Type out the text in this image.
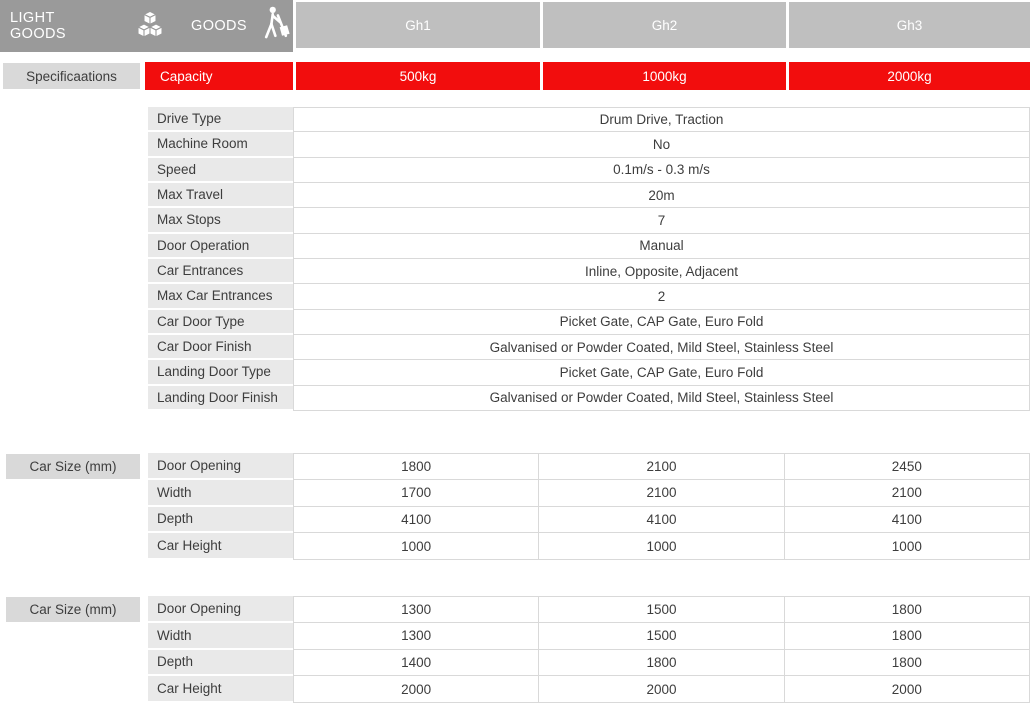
LIGHT GOODS	GOODS	Gh1	Gh2	Gh3
Specificaations	Capacity	500kg	1000kg	2000kg
Drive Type	Drum Drive, Traction
Machine Room	No
Speed	0.1m/s - 0.3 m/s
Max Travel	20m
Max Stops	7
Door Operation	Manual
Car Entrances	Inline, Opposite, Adjacent
Max Car Entrances	2
Car Door Type	Picket Gate, CAP Gate, Euro Fold
Car Door Finish	Galvanised or Powder Coated, Mild Steel, Stainless Steel
Landing Door Type	Picket Gate, CAP Gate, Euro Fold
Landing Door Finish	Galvanised or Powder Coated, Mild Steel, Stainless Steel
Car Size (mm)	Door Opening	1800	2100	2450
Width	1700	2100	2100
Depth	4100	4100	4100
Car Height	1000	1000	1000
Car Size (mm)	Door Opening	1300	1500	1800
Width	1300	1500	1800
Depth	1400	1800	1800
Car Height	2000	2000	2000
